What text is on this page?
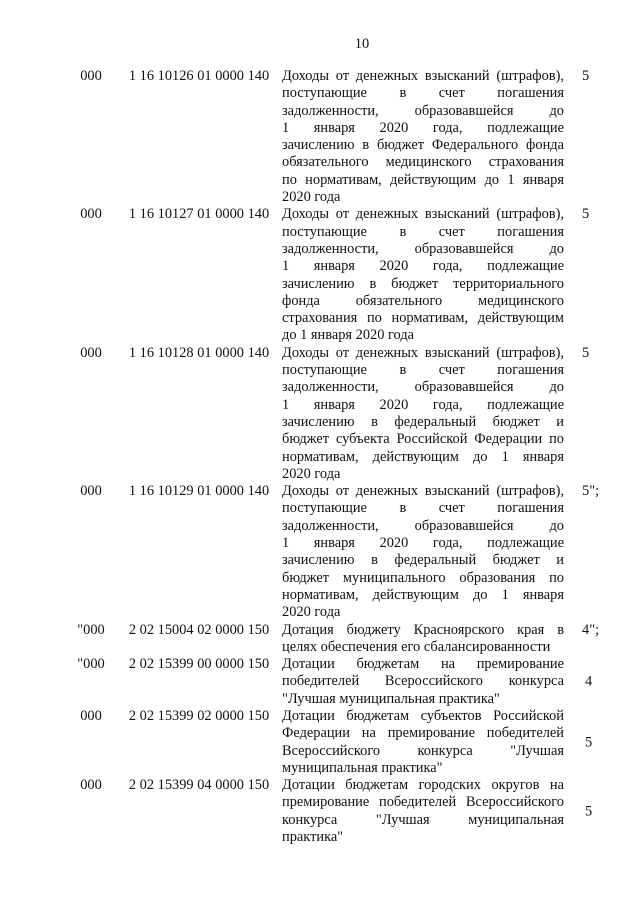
10
000	1 16 10126 01 0000 140 Доходы от денежных взысканий (штрафов),
поступающие в счет погашения
задолженности, образовавшейся до
1 января 2020 года, подлежащие
зачислению в бюджет Федерального фонда
обязательного медицинского страхования
по нормативам, действующим до 1 января
2020 года
5
000	1 16 10127 01 0000 140 Доходы от денежных взысканий (штрафов),
поступающие в счет погашения
задолженности, образовавшейся до
1 января 2020 года, подлежащие
зачислению в бюджет территориального
фонда обязательного медицинского
страхования по нормативам, действующим
до 1 января 2020 года
5
000	1 16 10128 01 0000 140 Доходы от денежных взысканий (штрафов),
поступающие в счет погашения
задолженности, образовавшейся до
1 января 2020 года, подлежащие
зачислению в федеральный бюджет и
бюджет субъекта Российской Федерации по
нормативам, действующим до 1 января
2020 года
5
000	1 16 10129 01 0000 140 Доходы от денежных взысканий (штрафов),
поступающие в счет погашения
задолженности, образовавшейся до
1 января 2020 года, подлежащие
зачислению в федеральный бюджет и
бюджет муниципального образования по
нормативам, действующим до 1 января
2020 года
5";
"000	2 02 15004 02 0000 150 Дотация бюджету Красноярского края в
целях обеспечения его сбалансированности
4";
"000	2 02 15399 00 0000 150 Дотации бюджетам на премирование
победителей Всероссийского конкурса
"Лучшая муниципальная практика"
4
000	2 02 15399 02 0000 150 Дотации бюджетам субъектов Российской
Федерации на премирование победителей
Всероссийского конкурса "Лучшая
муниципальная практика"
5
000	2 02 15399 04 0000 150 Дотации бюджетам городских округов на
премирование победителей Всероссийского
конкурса "Лучшая муниципальная
практика"
5
